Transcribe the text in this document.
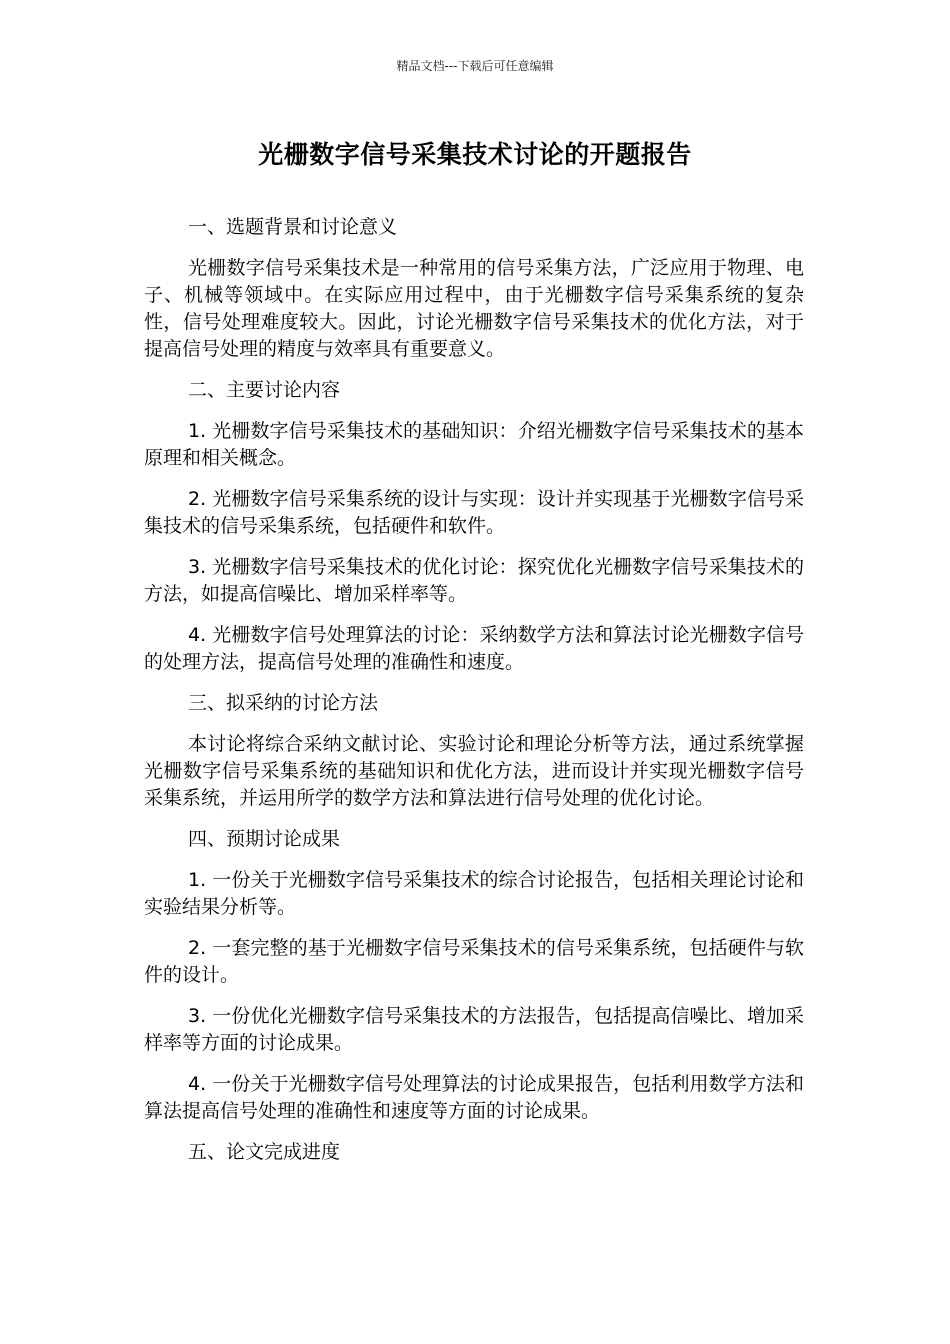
精品文档---下载后可任意编辑
光栅数字信号采集技术讨论的开题报告

一、选题背景和讨论意义

光栅数字信号采集技术是一种常用的信号采集方法，广泛应用于物理、电子、机械等领域中。在实际应用过程中，由于光栅数字信号采集系统的复杂性，信号处理难度较大。因此，讨论光栅数字信号采集技术的优化方法，对于提高信号处理的精度与效率具有重要意义。

二、主要讨论内容

1. 光栅数字信号采集技术的基础知识：介绍光栅数字信号采集技术的基本原理和相关概念。

2. 光栅数字信号采集系统的设计与实现：设计并实现基于光栅数字信号采集技术的信号采集系统，包括硬件和软件。

3. 光栅数字信号采集技术的优化讨论：探究优化光栅数字信号采集技术的方法，如提高信噪比、增加采样率等。

4. 光栅数字信号处理算法的讨论：采纳数学方法和算法讨论光栅数字信号的处理方法，提高信号处理的准确性和速度。

三、拟采纳的讨论方法

本讨论将综合采纳文献讨论、实验讨论和理论分析等方法，通过系统掌握光栅数字信号采集系统的基础知识和优化方法，进而设计并实现光栅数字信号采集系统，并运用所学的数学方法和算法进行信号处理的优化讨论。

四、预期讨论成果

1. 一份关于光栅数字信号采集技术的综合讨论报告，包括相关理论讨论和实验结果分析等。

2. 一套完整的基于光栅数字信号采集技术的信号采集系统，包括硬件与软件的设计。

3. 一份优化光栅数字信号采集技术的方法报告，包括提高信噪比、增加采样率等方面的讨论成果。

4. 一份关于光栅数字信号处理算法的讨论成果报告，包括利用数学方法和算法提高信号处理的准确性和速度等方面的讨论成果。

五、论文完成进度
